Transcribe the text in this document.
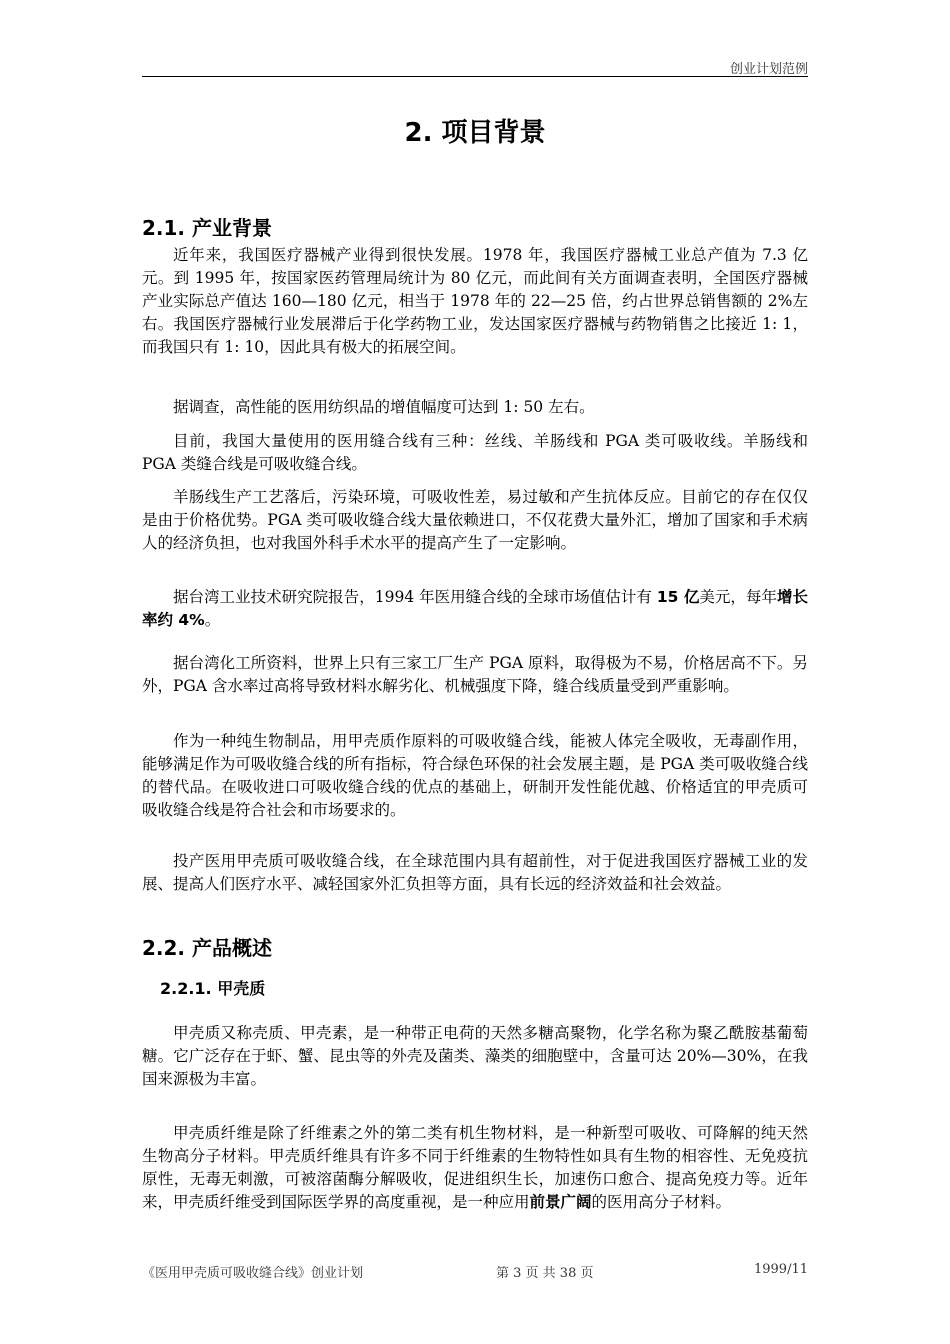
创业计划范例
2. 项目背景
2.1. 产业背景

近年来，我国医疗器械产业得到很快发展。1978 年，我国医疗器械工业总产值为 7.3 亿元。到 1995 年，按国家医药管理局统计为 80 亿元，而此间有关方面调查表明，全国医疗器械产业实际总产值达 160—180 亿元，相当于 1978 年的 22—25 倍，约占世界总销售额的 2%左右。我国医疗器械行业发展滞后于化学药物工业，发达国家医疗器械与药物销售之比接近 1: 1，而我国只有 1: 10，因此具有极大的拓展空间。

据调查，高性能的医用纺织品的增值幅度可达到 1: 50 左右。

目前，我国大量使用的医用缝合线有三种：丝线、羊肠线和 PGA 类可吸收线。羊肠线和 PGA 类缝合线是可吸收缝合线。

羊肠线生产工艺落后，污染环境，可吸收性差，易过敏和产生抗体反应。目前它的存在仅仅是由于价格优势。PGA 类可吸收缝合线大量依赖进口，不仅花费大量外汇，增加了国家和手术病人的经济负担，也对我国外科手术水平的提高产生了一定影响。

据台湾工业技术研究院报告，1994 年医用缝合线的全球市场值估计有 15 亿美元，每年增长率约 4%。

据台湾化工所资料，世界上只有三家工厂生产 PGA 原料，取得极为不易，价格居高不下。另外，PGA 含水率过高将导致材料水解劣化、机械强度下降，缝合线质量受到严重影响。

作为一种纯生物制品，用甲壳质作原料的可吸收缝合线，能被人体完全吸收，无毒副作用，能够满足作为可吸收缝合线的所有指标，符合绿色环保的社会发展主题，是 PGA 类可吸收缝合线的替代品。在吸收进口可吸收缝合线的优点的基础上，研制开发性能优越、价格适宜的甲壳质可吸收缝合线是符合社会和市场要求的。

投产医用甲壳质可吸收缝合线，在全球范围内具有超前性，对于促进我国医疗器械工业的发展、提高人们医疗水平、减轻国家外汇负担等方面，具有长远的经济效益和社会效益。

2.2. 产品概述
2.2.1. 甲壳质

甲壳质又称壳质、甲壳素，是一种带正电荷的天然多糖高聚物，化学名称为聚乙酰胺基葡萄糖。它广泛存在于虾、蟹、昆虫等的外壳及菌类、藻类的细胞壁中，含量可达 20%—30%，在我国来源极为丰富。

甲壳质纤维是除了纤维素之外的第二类有机生物材料，是一种新型可吸收、可降解的纯天然生物高分子材料。甲壳质纤维具有许多不同于纤维素的生物特性如具有生物的相容性、无免疫抗原性，无毒无刺激，可被溶菌酶分解吸收，促进组织生长，加速伤口愈合、提高免疫力等。近年来，甲壳质纤维受到国际医学界的高度重视，是一种应用前景广阔的医用高分子材料。

《医用甲壳质可吸收缝合线》创业计划	第 3 页 共 38 页	1999/11
